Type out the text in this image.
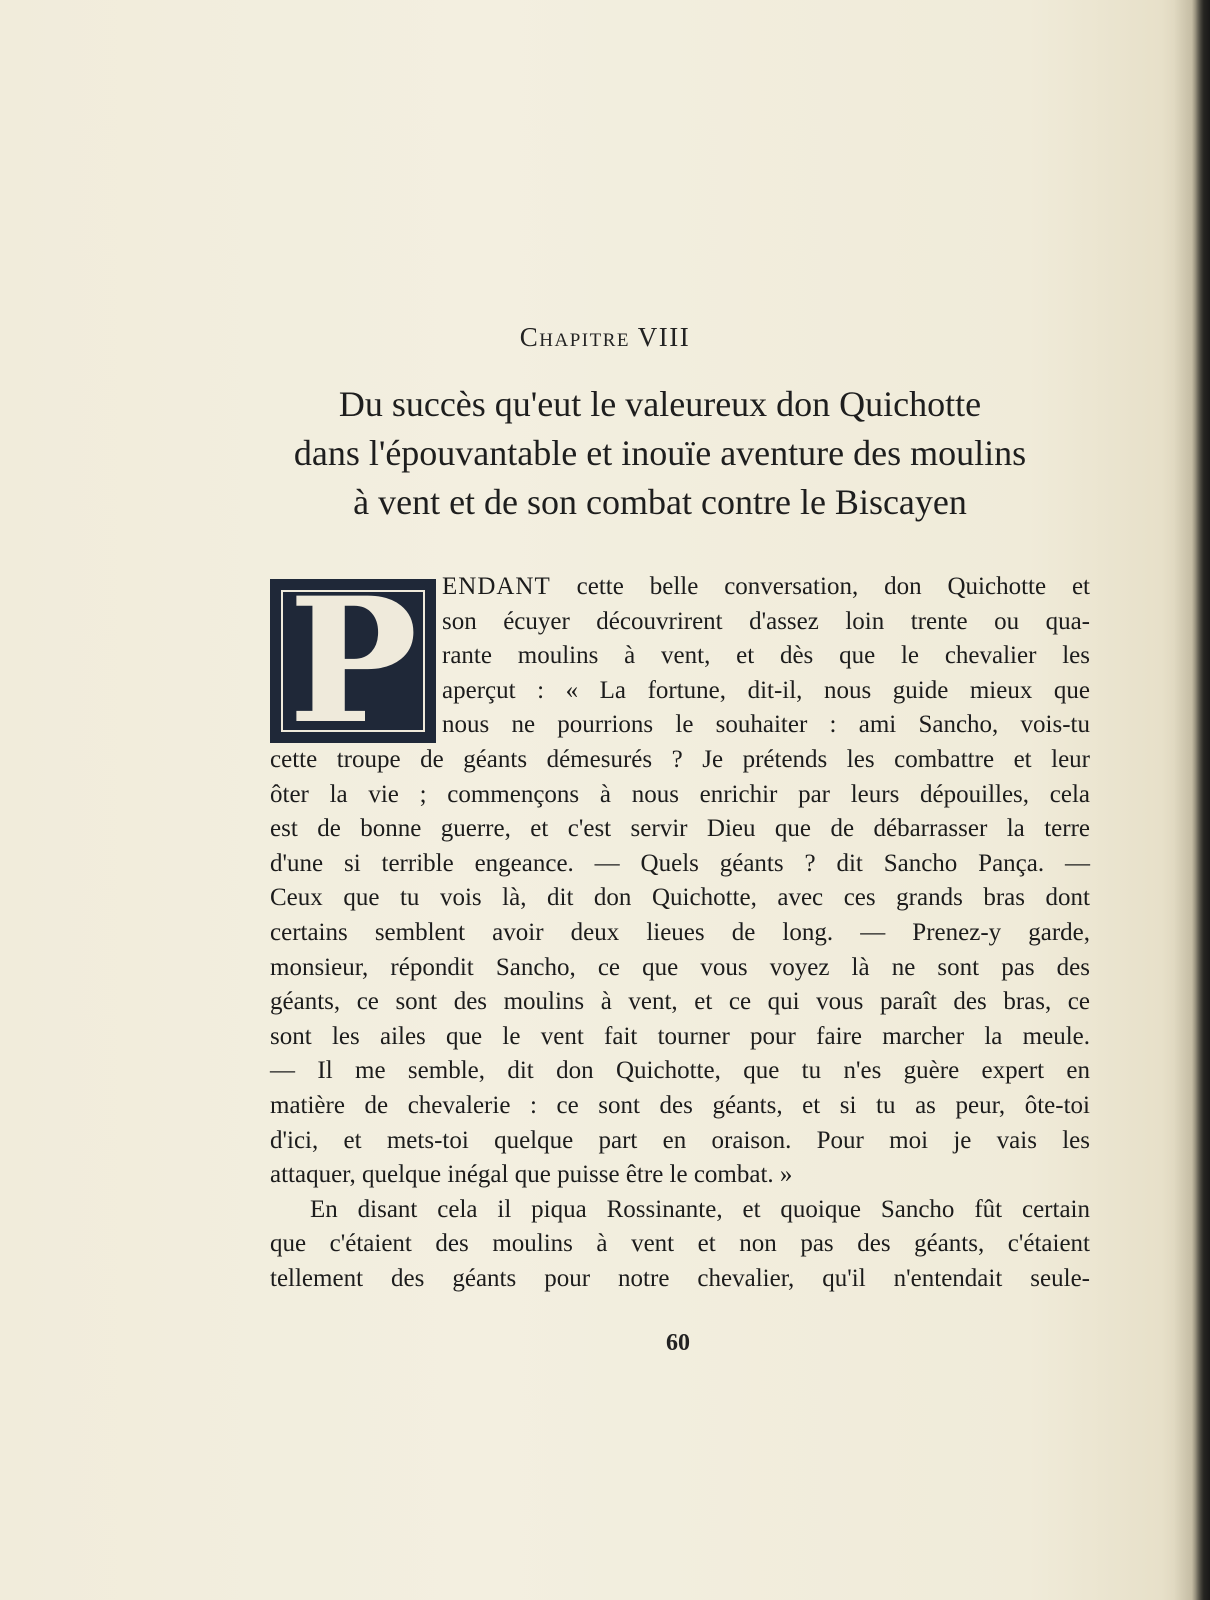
Chapitre VIII
Du succès qu'eut le valeureux don Quichotte
dans l'épouvantable et inouïe aventure des moulins
à vent et de son combat contre le Biscayen
P ENDANT cette belle conversation, don Quichotte et
son écuyer découvrirent d'assez loin trente ou qua-
rante moulins à vent, et dès que le chevalier les
aperçut : « La fortune, dit-il, nous guide mieux que
nous ne pourrions le souhaiter : ami Sancho, vois-tu
cette troupe de géants démesurés ? Je prétends les combattre et leur
ôter la vie ; commençons à nous enrichir par leurs dépouilles, cela
est de bonne guerre, et c'est servir Dieu que de débarrasser la terre
d'une si terrible engeance. — Quels géants ? dit Sancho Pança. —
Ceux que tu vois là, dit don Quichotte, avec ces grands bras dont
certains semblent avoir deux lieues de long. — Prenez-y garde,
monsieur, répondit Sancho, ce que vous voyez là ne sont pas des
géants, ce sont des moulins à vent, et ce qui vous paraît des bras, ce
sont les ailes que le vent fait tourner pour faire marcher la meule.
— Il me semble, dit don Quichotte, que tu n'es guère expert en
matière de chevalerie : ce sont des géants, et si tu as peur, ôte-toi
d'ici, et mets-toi quelque part en oraison. Pour moi je vais les
attaquer, quelque inégal que puisse être le combat. »
En disant cela il piqua Rossinante, et quoique Sancho fût certain
que c'étaient des moulins à vent et non pas des géants, c'étaient
tellement des géants pour notre chevalier, qu'il n'entendait seule-
60
